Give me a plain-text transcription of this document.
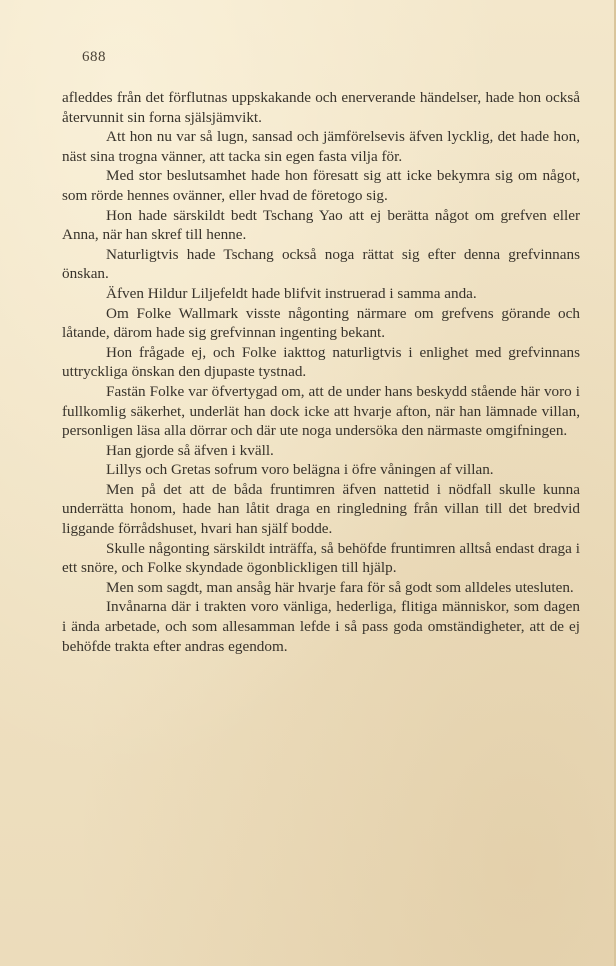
688

afleddes från det förflutnas uppskakande och enerverande händelser, hade hon också återvunnit sin forna själsjämvikt.

Att hon nu var så lugn, sansad och jämförelsevis äfven lycklig, det hade hon, näst sina trogna vänner, att tacka sin egen fasta vilja för.

Med stor beslutsamhet hade hon föresatt sig att icke bekymra sig om något, som rörde hennes ovänner, eller hvad de företogo sig.

Hon hade särskildt bedt Tschang Yao att ej berätta något om grefven eller Anna, när han skref till henne.

Naturligtvis hade Tschang också noga rättat sig efter denna grefvinnans önskan.

Äfven Hildur Liljefeldt hade blifvit instruerad i samma anda.

Om Folke Wallmark visste någonting närmare om grefvens görande och låtande, därom hade sig grefvinnan ingenting bekant.

Hon frågade ej, och Folke iakttog naturligtvis i enlighet med grefvinnans uttryckliga önskan den djupaste tystnad.

Fastän Folke var öfvertygad om, att de under hans beskydd stående här voro i fullkomlig säkerhet, underlät han dock icke att hvarje afton, när han lämnade villan, personligen läsa alla dörrar och där ute noga undersöka den närmaste omgifningen.

Han gjorde så äfven i kväll.

Lillys och Gretas sofrum voro belägna i öfre våningen af villan.

Men på det att de båda fruntimren äfven nattetid i nödfall skulle kunna underrätta honom, hade han låtit draga en ringledning från villan till det bredvid liggande förrådshuset, hvari han själf bodde.

Skulle någonting särskildt inträffa, så behöfde fruntimren alltså endast draga i ett snöre, och Folke skyndade ögonblickligen till hjälp.

Men som sagdt, man ansåg här hvarje fara för så godt som alldeles utesluten.

Invånarna där i trakten voro vänliga, hederliga, flitiga människor, som dagen i ända arbetade, och som allesamman lefde i så pass goda omständigheter, att de ej behöfde trakta efter andras egendom.
